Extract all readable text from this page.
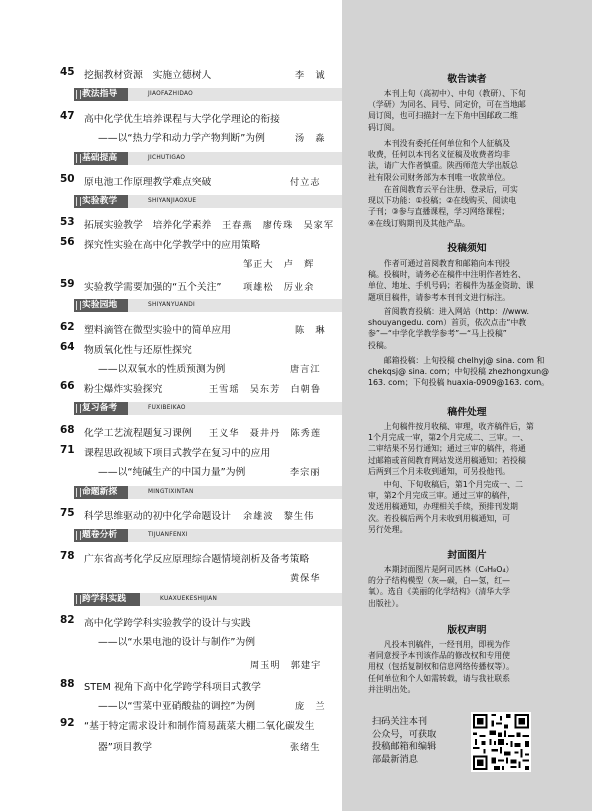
45 挖掘教材资源　实施立德树人	李　诚
教法指导	JIAOFAZHIDAO
47 高中化学优生培养课程与大学化学理论的衔接
——以“热力学和动力学产物判断”为例	汤　淼
基础提高	JICHUTIGAO
50 原电池工作原理教学难点突破	付立志
实验教学	SHIYANJIAOXUE
53 拓展实验教学　培养化学素养 王春燕　廖传珠　吴家军
56 探究性实验在高中化学教学中的应用策略
邹正大　卢　辉
59 实验教学需要加强的“五个关注” 项雄松　厉业余
实验园地	SHIYANYUANDI
62 塑料滴管在微型实验中的简单应用	陈　琳
64 物质氧化性与还原性探究
——以双氧水的性质预测为例	唐言江
66 粉尘爆炸实验探究	王雪瑶　吴东芳　白朝鲁
复习备考	FUXIBEIKAO
68 化学工艺流程题复习课例 王义华　聂井丹　陈秀莲
71 课程思政视域下项目式教学在复习中的应用
——以“纯碱生产的中国力量”为例	李宗丽
命题新探	MINGTIXINTAN
75 科学思维驱动的初中化学命题设计 余雄波　黎生伟
题卷分析	TIJUANFENXI
78 广东省高考化学反应原理综合题情境剖析及备考策略
黄保华
跨学科实践	KUAXUEKESHIJIAN
82 高中化学跨学科实验教学的设计与实践
——以“水果电池的设计与制作”为例
周玉明　郭建宇
88 STEM 视角下高中化学跨学科项目式教学
——以“雪菜中亚硝酸盐的调控”为例	庞　兰
92 “基于特定需求设计和制作简易蔬菜大棚二氧化碳发生
器”项目教学	张绪生
敬告读者
本刊上旬（高初中）、中旬（教研）、下旬
（学研）为同名、同号、同定价，可在当地邮
局订阅，也可扫描封一左下角中国邮政二维
码订阅。
本刊没有委托任何单位和个人征稿及
收费，任何以本刊名义征稿及收费者均非
法，请广大作者慎重。陕西师范大学出版总
社有限公司财务部为本刊唯一收款单位。
在首阅教育云平台注册、登录后，可实
现以下功能：①投稿；②在线购买、阅读电
子刊；③参与直播课程，学习网络课程；
④在线订购期刊及其他产品。
投稿须知
作者可通过首阅教育和邮箱向本刊投
稿。投稿时，请务必在稿件中注明作者姓名、
单位、地址、手机号码；若稿件为基金资助、课
题项目稿件，请参考本刊刊文进行标注。
首阅教育投稿：进入网站（http：//www.
shouyangedu. com）首页，依次点击“中教
参”—“中学化学教学参考”—“马上投稿”
投稿。
邮箱投稿：上旬投稿 chelhyj@ sina. com 和
chekqsj@ sina. com；中旬投稿 zhezhongxun@
163. com；下旬投稿 huaxia-0909@163. com。
稿件处理
上旬稿件按月收稿、审理，收齐稿件后，第
1个月完成一审，第2个月完成二、三审。一、
二审结果不另行通知；通过三审的稿件，将通
过邮箱或首阅教育网站发送用稿通知；若投稿
后两到三个月未收到通知，可另投他刊。
中旬、下旬收稿后，第1个月完成一、二
审，第2个月完成三审。通过三审的稿件，
发送用稿通知，办理相关手续，预排刊发期
次。若投稿后两个月未收到用稿通知，可
另行处理。
封面图片
本期封面图片是阿司匹林（C₉H₈O₄）
的分子结构模型（灰—碳，白—氢，红—
氧）。选自《美丽的化学结构》（清华大学
出版社）。
版权声明
凡投本刊稿件，一经刊用，即视为作
者同意授予本刊该作品的修改权和专用使
用权（包括复制权和信息网络传播权等）。
任何单位和个人如需转载，请与我社联系
并注明出处。
扫码关注本刊
公众号，可获取
投稿邮箱和编辑
部最新消息
